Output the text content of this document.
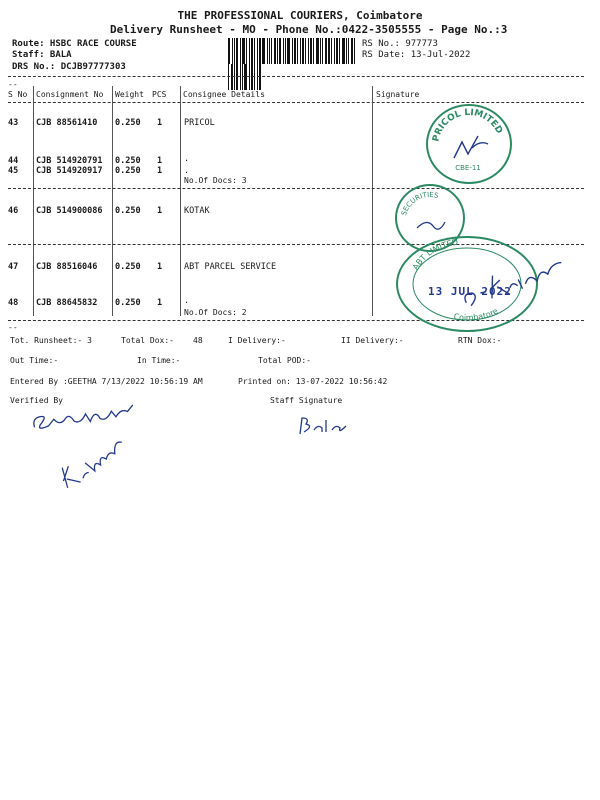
THE PROFESSIONAL COURIERS, Coimbatore
Delivery Runsheet - MO - Phone No.:0422-3505555 - Page No.:3
Route: HSBC RACE COURSE
Staff: BALA
DRS No.: DCJB97777303
RS No.: 977773
RS Date: 13-Jul-2022
--
S No Consignment No Weight PCS Consignee Details	Signature
43 CJB 88561410 0.250 1	PRICOL
44 CJB 514920791 0.250 1	.
45 CJB 514920917 0.250 1	.
No.Of Docs: 3
46 CJB 514900086 0.250 1	KOTAK
47 CJB 88516046 0.250 1	ABT PARCEL SERVICE
48 CJB 88645832 0.250 1	.
No.Of Docs: 2
--
Tot. Runsheet:- 3	Total Dox:- 48	I Delivery:-	II Delivery:-	RTN Dox:-
Out Time:-	In Time:-	Total POD:-
Entered By :GEETHA 7/13/2022 10:56:19 AM	Printed on: 13-07-2022 10:56:42
Verified By	Staff Signature
PRICOL LIMITED
CBE-11
SECURITIES
ABT LIMITED
Coimbatore
13 JUL 2022
